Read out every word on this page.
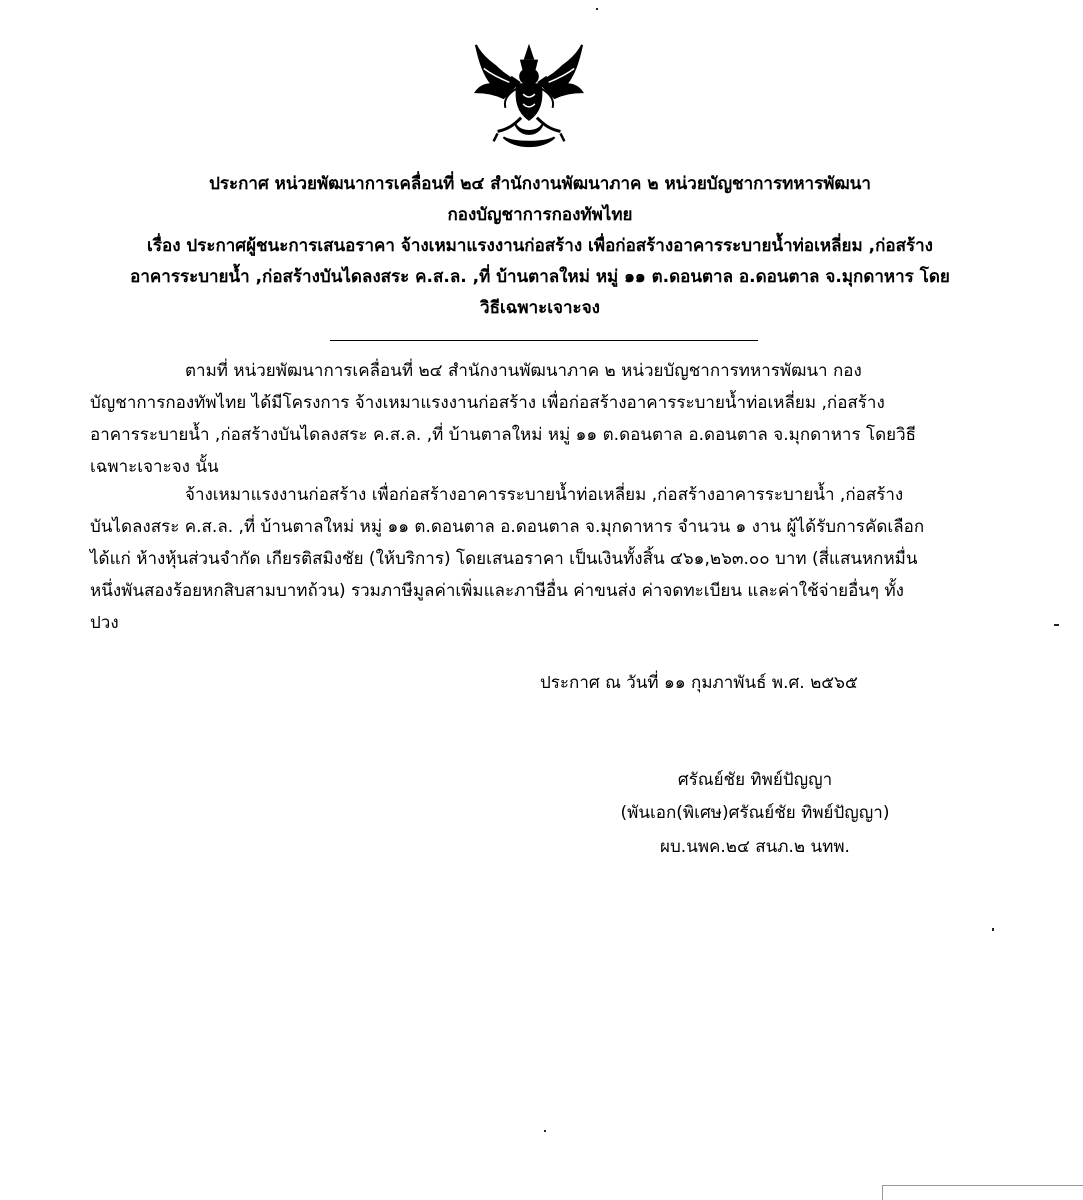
ประกาศ หน่วยพัฒนาการเคลื่อนที่ ๒๔ สำนักงานพัฒนาภาค ๒ หน่วยบัญชาการทหารพัฒนา
กองบัญชาการกองทัพไทย
เรื่อง ประกาศผู้ชนะการเสนอราคา จ้างเหมาแรงงานก่อสร้าง เพื่อก่อสร้างอาคารระบายน้ำท่อเหลี่ยม ,ก่อสร้าง
อาคารระบายน้ำ ,ก่อสร้างบันไดลงสระ ค.ส.ล. ,ที่ บ้านตาลใหม่ หมู่ ๑๑ ต.ดอนตาล อ.ดอนตาล จ.มุกดาหาร โดย
วิธีเฉพาะเจาะจง
ตามที่ หน่วยพัฒนาการเคลื่อนที่ ๒๔ สำนักงานพัฒนาภาค ๒ หน่วยบัญชาการทหารพัฒนา กอง
บัญชาการกองทัพไทย ได้มีโครงการ จ้างเหมาแรงงานก่อสร้าง เพื่อก่อสร้างอาคารระบายน้ำท่อเหลี่ยม ,ก่อสร้าง
อาคารระบายน้ำ ,ก่อสร้างบันไดลงสระ ค.ส.ล. ,ที่ บ้านตาลใหม่ หมู่ ๑๑ ต.ดอนตาล อ.ดอนตาล จ.มุกดาหาร โดยวิธี
เฉพาะเจาะจง นั้น
จ้างเหมาแรงงานก่อสร้าง เพื่อก่อสร้างอาคารระบายน้ำท่อเหลี่ยม ,ก่อสร้างอาคารระบายน้ำ ,ก่อสร้าง
บันไดลงสระ ค.ส.ล. ,ที่ บ้านตาลใหม่ หมู่ ๑๑ ต.ดอนตาล อ.ดอนตาล จ.มุกดาหาร จำนวน ๑ งาน ผู้ได้รับการคัดเลือก
ได้แก่ ห้างหุ้นส่วนจำกัด เกียรติสมิงชัย (ให้บริการ) โดยเสนอราคา เป็นเงินทั้งสิ้น ๔๖๑,๒๖๓.๐๐ บาท (สี่แสนหกหมื่น
หนึ่งพันสองร้อยหกสิบสามบาทถ้วน) รวมภาษีมูลค่าเพิ่มและภาษีอื่น ค่าขนส่ง ค่าจดทะเบียน และค่าใช้จ่ายอื่นๆ ทั้ง
ปวง
ประกาศ ณ วันที่ ๑๑ กุมภาพันธ์ พ.ศ. ๒๕๖๕
ศรัณย์ชัย ทิพย์ปัญญา
(พันเอก(พิเศษ)ศรัณย์ชัย ทิพย์ปัญญา)
ผบ.นพค.๒๔ สนภ.๒ นทพ.
